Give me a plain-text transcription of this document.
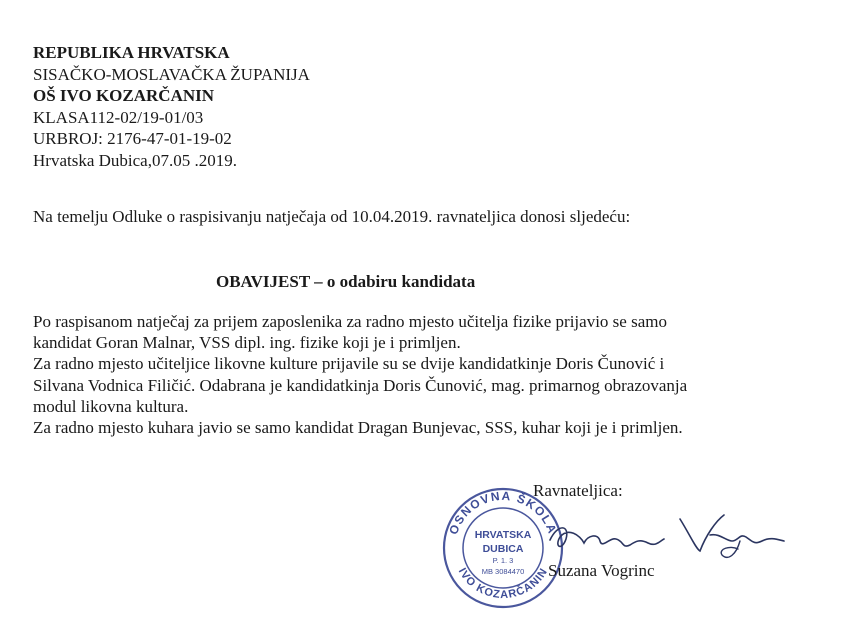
REPUBLIKA HRVATSKA
SISAČKO-MOSLAVAČKA ŽUPANIJA
OŠ IVO KOZARČANIN
KLASA112-02/19-01/03
URBROJ: 2176-47-01-19-02
Hrvatska Dubica,07.05 .2019.
Na temelju Odluke o raspisivanju natječaja od 10.04.2019. ravnateljica donosi sljedeću:
OBAVIJEST – o odabiru kandidata
Po raspisanom natječaj za prijem zaposlenika za radno mjesto učitelja fizike prijavio se samo
kandidat Goran Malnar, VSS dipl. ing. fizike koji je i primljen.
Za radno mjesto učiteljice likovne kulture prijavile su se dvije kandidatkinje Doris Čunović i
Silvana Vodnica Filičić. Odabrana je kandidatkinja Doris Čunović, mag. primarnog obrazovanja
modul likovna kultura.
Za radno mjesto kuhara javio se samo kandidat Dragan Bunjevac, SSS, kuhar koji je i primljen.
Ravnateljica:
OSNOVNA ŠKOLA
IVO KOZARČANIN
HRVATSKA
DUBICA
P. 1. 3
MB 3084470 Suzana Vogrinc
